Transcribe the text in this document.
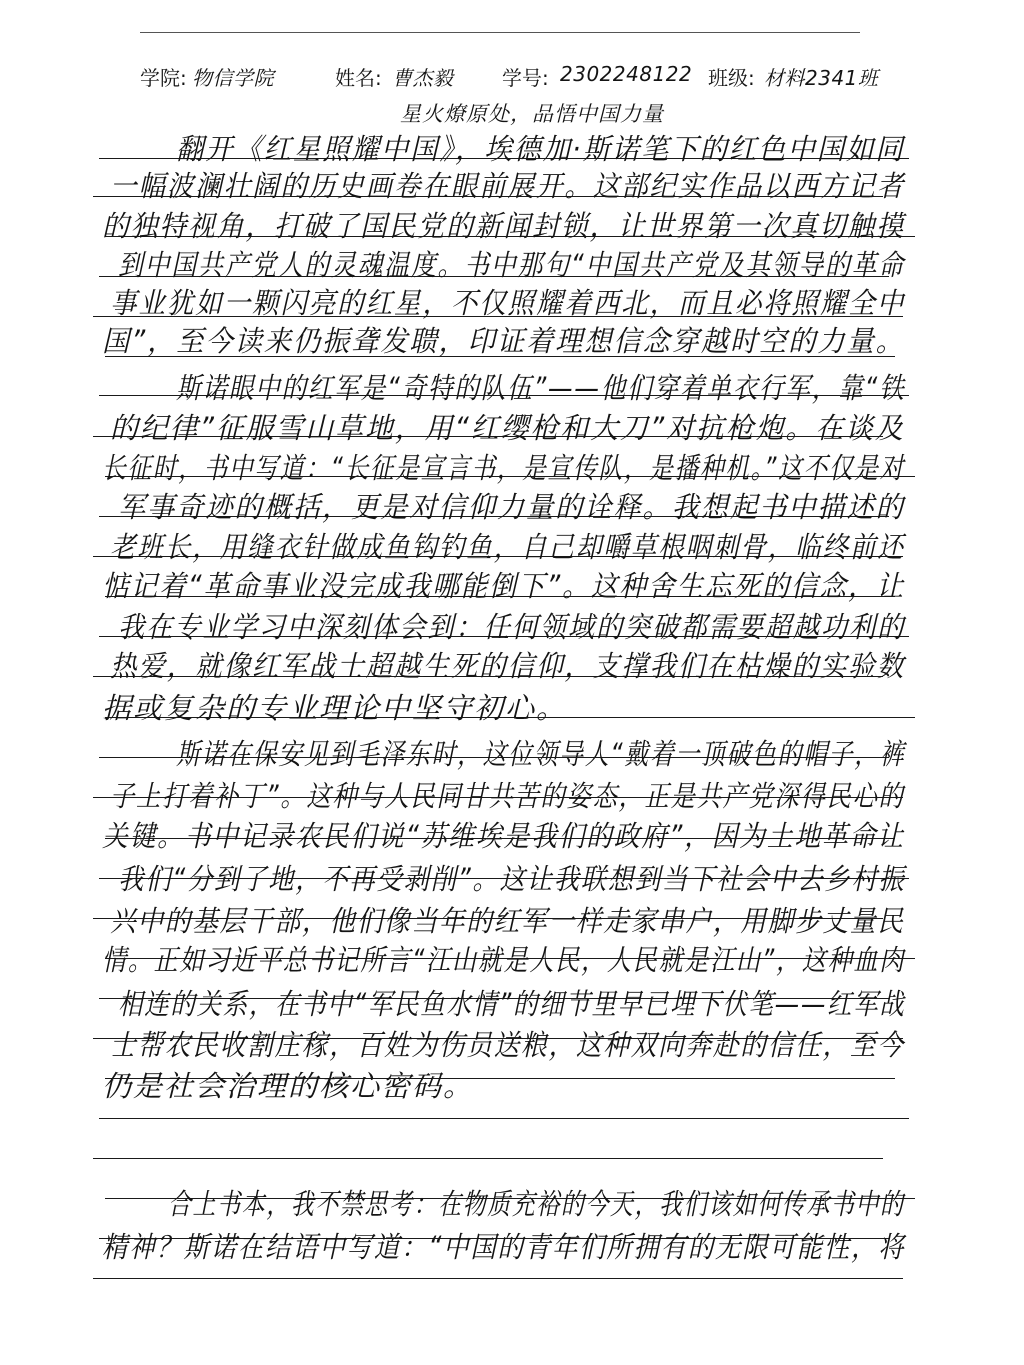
学院: 物信学院	姓名: 曹杰毅 学号: 2302248122 班级: 材料2341班
星火燎原处，品悟中国力量
翻开《红星照耀中国》，埃德加·斯诺笔下的红色中国如同
一幅波澜壮阔的历史画卷在眼前展开。这部纪实作品以西方记者
的独特视角，打破了国民党的新闻封锁，让世界第一次真切触摸
到中国共产党人的灵魂温度。书中那句“中国共产党及其领导的革命
事业犹如一颗闪亮的红星，不仅照耀着西北，而且必将照耀全中
国”，至今读来仍振聋发聩，印证着理想信念穿越时空的力量。
斯诺眼中的红军是“奇特的队伍”——他们穿着单衣行军，靠“铁
的纪律”征服雪山草地，用“红缨枪和大刀”对抗枪炮。在谈及
长征时，书中写道：“长征是宣言书，是宣传队，是播种机。”这不仅是对
军事奇迹的概括，更是对信仰力量的诠释。我想起书中描述的
老班长，用缝衣针做成鱼钩钓鱼，自己却嚼草根咽刺骨，临终前还
惦记着“革命事业没完成我哪能倒下”。这种舍生忘死的信念，让
我在专业学习中深刻体会到：任何领域的突破都需要超越功利的
热爱，就像红军战士超越生死的信仰，支撑我们在枯燥的实验数
据或复杂的专业理论中坚守初心。
斯诺在保安见到毛泽东时，这位领导人“戴着一顶破色的帽子，裤
子上打着补丁”。这种与人民同甘共苦的姿态，正是共产党深得民心的
关键。书中记录农民们说“苏维埃是我们的政府”，因为土地革命让
我们“分到了地，不再受剥削”。这让我联想到当下社会中去乡村振
兴中的基层干部，他们像当年的红军一样走家串户，用脚步丈量民
情。正如习近平总书记所言“江山就是人民，人民就是江山”，这种血肉
相连的关系，在书中“军民鱼水情”的细节里早已埋下伏笔——红军战
士帮农民收割庄稼，百姓为伤员送粮，这种双向奔赴的信任，至今
仍是社会治理的核心密码。
合上书本，我不禁思考：在物质充裕的今天，我们该如何传承书中的
精神？斯诺在结语中写道：“中国的青年们所拥有的无限可能性，将
